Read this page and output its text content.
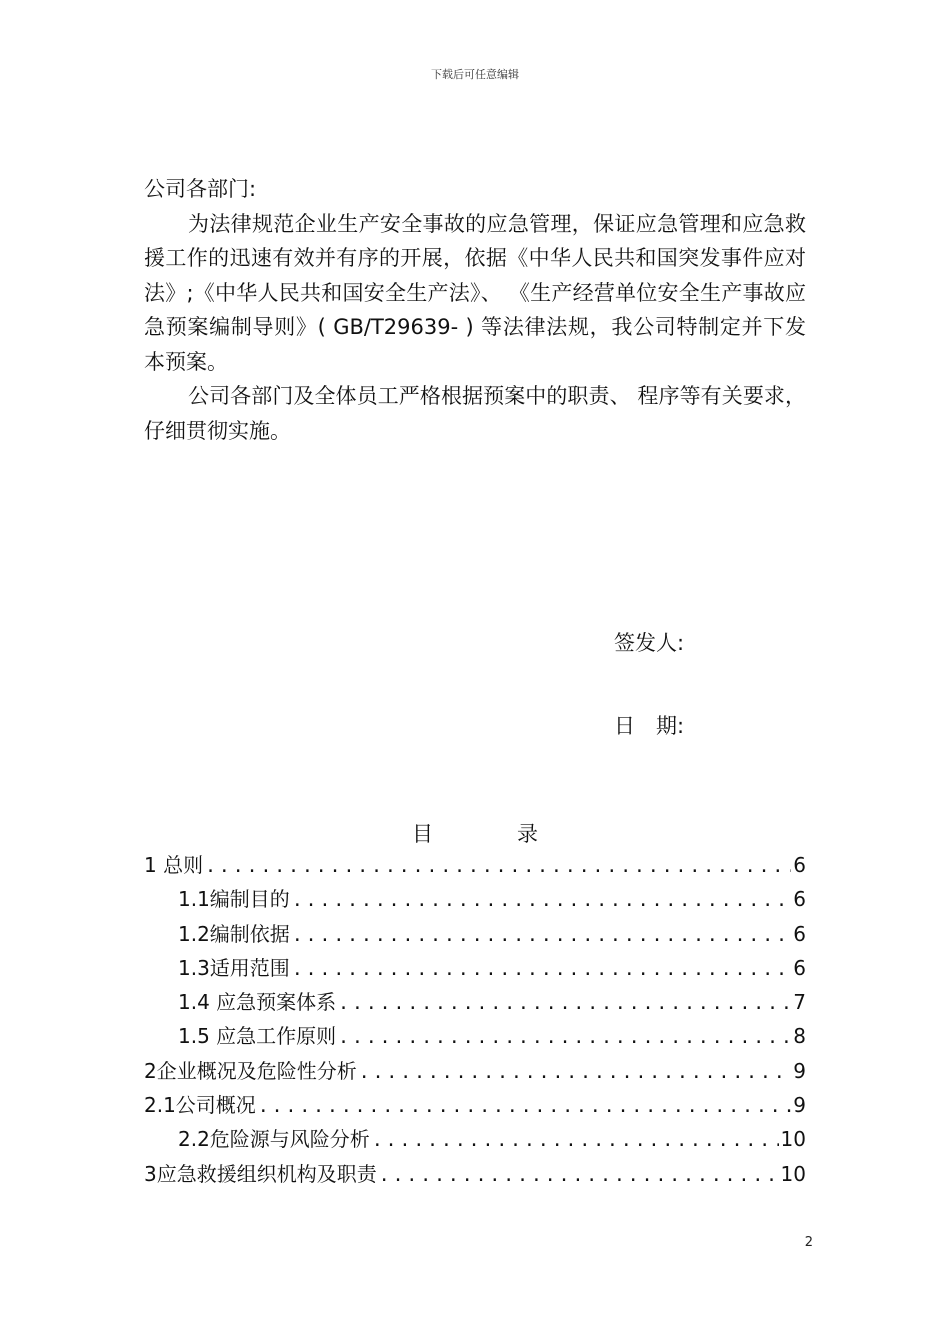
下载后可任意编辑

公司各部门:

为法律规范企业生产安全事故的应急管理，保证应急管理和应急救援工作的迅速有效并有序的开展，依据《中华人民共和国突发事件应对法》;《中华人民共和国安全生产法》、 《生产经营单位安全生产事故应急预案编制导则》( GB/T29639- ) 等法律法规，我公司特制定并下发本预案。

公司各部门及全体员工严格根据预案中的职责、 程序等有关要求，仔细贯彻实施。

签发人:
日　期:
目	录
1 总则 .....	6
1.1编制目的 .....	6
1.2编制依据 .....	6
1.3适用范围 .....	6
1.4 应急预案体系 .....	7
1.5 应急工作原则 .....	8
2企业概况及危险性分析 .....	9
2.1公司概况 .....	9
2.2危险源与风险分析 .....	10
3应急救援组织机构及职责 .....	10
2
